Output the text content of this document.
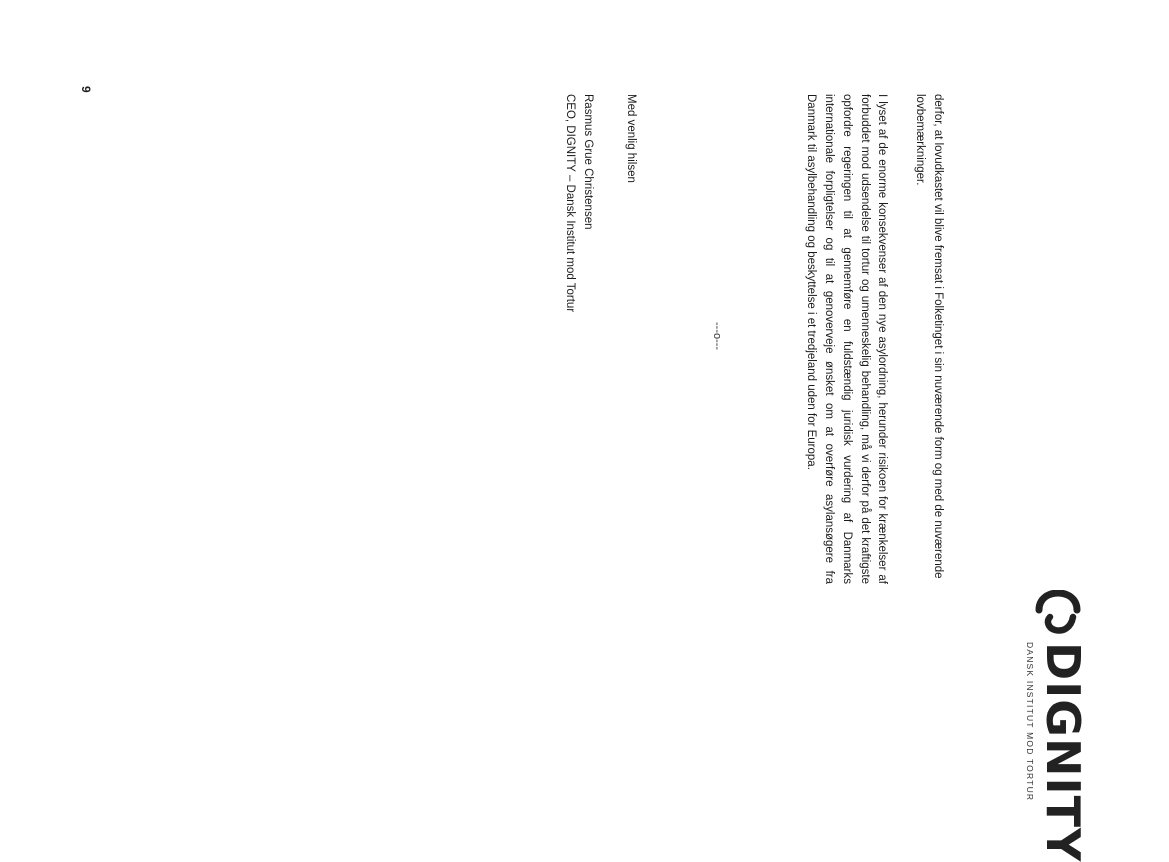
DIGNITY
DANSK INSTITUT MOD TORTUR

derfor, at lovudkastet vil blive fremsat i Folketinget i sin nuværende form og med de nuværende lovbemærkninger.

I lyset af de enorme konsekvenser af den nye asylordning, herunder risikoen for krænkelser af forbuddet mod udsendelse til tortur og umenneskelig behandling, må vi derfor på det kraftigste opfordre regeringen til at gennemføre en fuldstændig juridisk vurdering af Danmarks internationale forpligtelser og til at genoverveje ønsket om at overføre asylansøgere fra Danmark til asylbehandling og beskyttelse i et tredjeland uden for Europa.

---o---

Med venlig hilsen

Rasmus Grue Christensen

CEO, DIGNITY – Dansk Institut mod Tortur

9
